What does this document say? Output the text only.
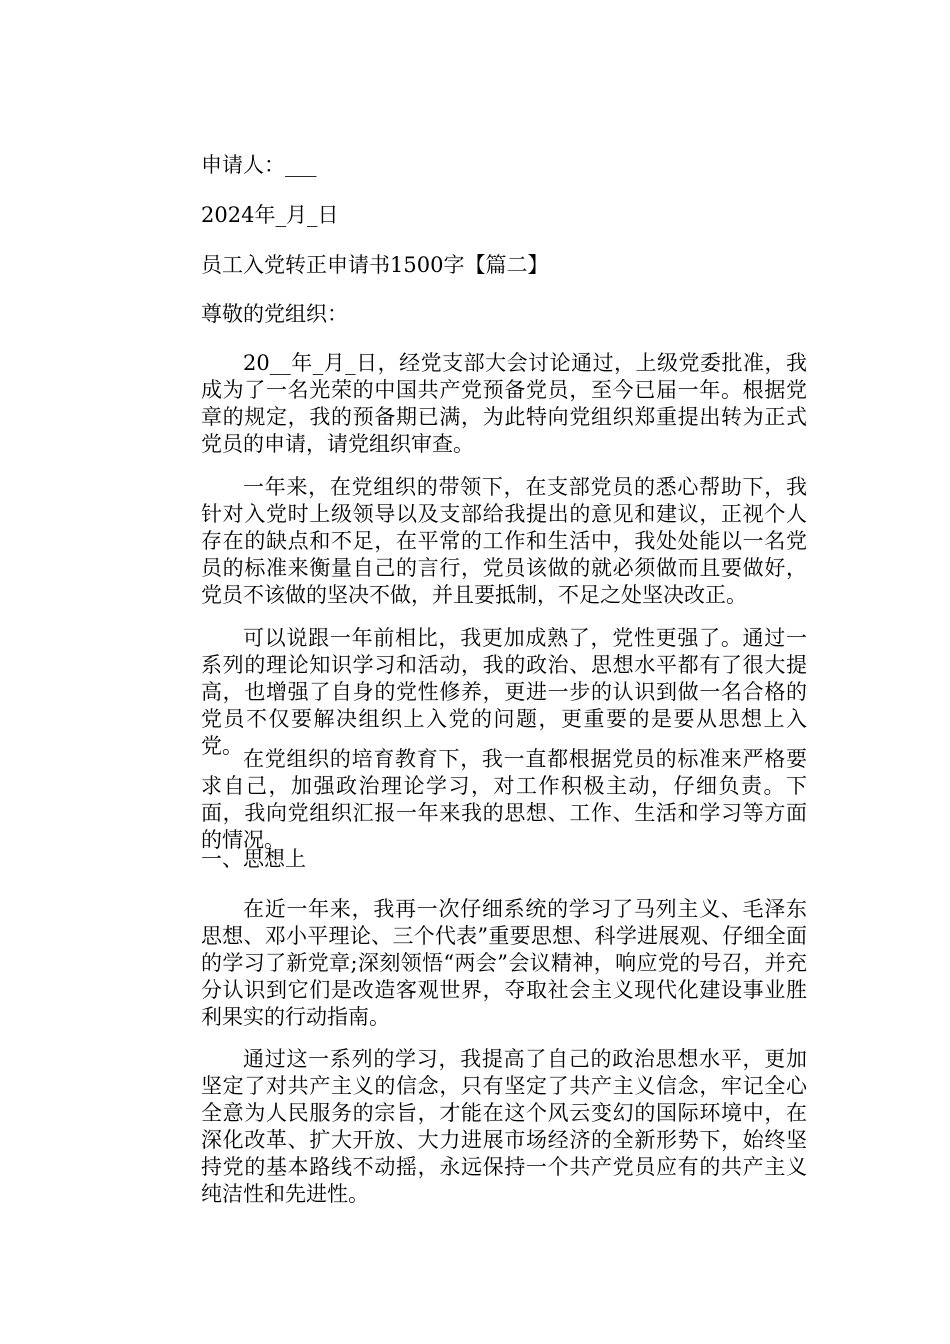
申请人：___
2024年_月_日
员工入党转正申请书1500字【篇二】
尊敬的党组织：

20__年_月_日，经党支部大会讨论通过，上级党委批准，我成为了一名光荣的中国共产党预备党员，至今已届一年。根据党章的规定，我的预备期已满，为此特向党组织郑重提出转为正式党员的申请，请党组织审查。

一年来，在党组织的带领下，在支部党员的悉心帮助下，我针对入党时上级领导以及支部给我提出的意见和建议，正视个人存在的缺点和不足，在平常的工作和生活中，我处处能以一名党员的标准来衡量自己的言行，党员该做的就必须做而且要做好，党员不该做的坚决不做，并且要抵制，不足之处坚决改正。

可以说跟一年前相比，我更加成熟了，党性更强了。通过一系列的理论知识学习和活动，我的政治、思想水平都有了很大提高，也增强了自身的党性修养，更进一步的认识到做一名合格的党员不仅要解决组织上入党的问题，更重要的是要从思想上入党。

在党组织的培育教育下，我一直都根据党员的标准来严格要求自己，加强政治理论学习，对工作积极主动，仔细负责。下面，我向党组织汇报一年来我的思想、工作、生活和学习等方面的情况。

一、思想上

在近一年来，我再一次仔细系统的学习了马列主义、毛泽东思想、邓小平理论、三个代表”重要思想、科学进展观、仔细全面的学习了新党章;深刻领悟“两会”会议精神，响应党的号召，并充分认识到它们是改造客观世界，夺取社会主义现代化建设事业胜利果实的行动指南。

通过这一系列的学习，我提高了自己的政治思想水平，更加坚定了对共产主义的信念，只有坚定了共产主义信念，牢记全心全意为人民服务的宗旨，才能在这个风云变幻的国际环境中，在深化改革、扩大开放、大力进展市场经济的全新形势下，始终坚持党的基本路线不动摇，永远保持一个共产党员应有的共产主义纯洁性和先进性。
